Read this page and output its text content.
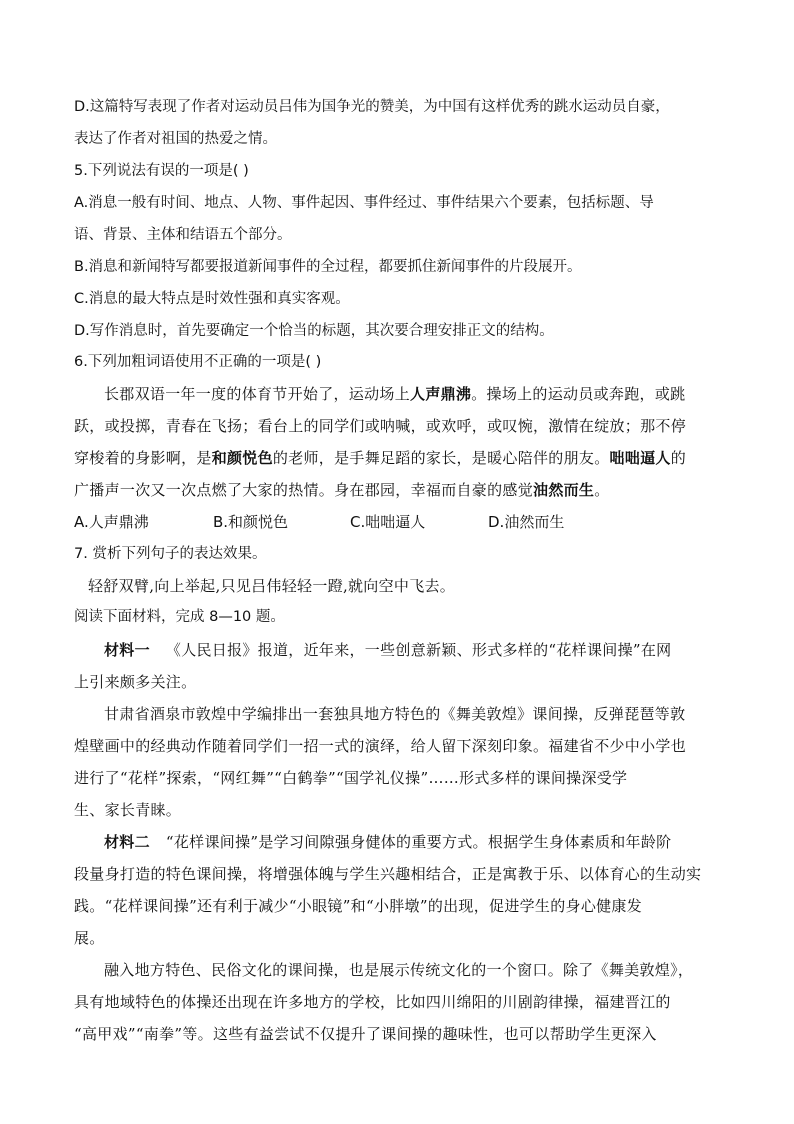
D.这篇特写表现了作者对运动员吕伟为国争光的赞美，为中国有这样优秀的跳水运动员自豪，
表达了作者对祖国的热爱之情。
5.下列说法有误的一项是( )
A.消息一般有时间、地点、人物、事件起因、事件经过、事件结果六个要素，包括标题、导
语、背景、主体和结语五个部分。
B.消息和新闻特写都要报道新闻事件的全过程，都要抓住新闻事件的片段展开。
C.消息的最大特点是时效性强和真实客观。
D.写作消息时，首先要确定一个恰当的标题，其次要合理安排正文的结构。
6.下列加粗词语使用不正确的一项是( )
长郡双语一年一度的体育节开始了，运动场上人声鼎沸。操场上的运动员或奔跑，或跳
跃，或投掷，青春在飞扬；看台上的同学们或呐喊，或欢呼，或叹惋，激情在绽放；那不停
穿梭着的身影啊，是和颜悦色的老师，是手舞足蹈的家长，是暖心陪伴的朋友。咄咄逼人的
广播声一次又一次点燃了大家的热情。身在郡园，幸福而自豪的感觉油然而生。
A.人声鼎沸	B.和颜悦色	C.咄咄逼人	D.油然而生
7. 赏析下列句子的表达效果。
轻舒双臂,向上举起,只见吕伟轻轻一蹬,就向空中飞去。
阅读下面材料，完成 8—10 题。
材料一 《人民日报》报道，近年来，一些创意新颖、形式多样的“花样课间操”在网
上引来颇多关注。
甘肃省酒泉市敦煌中学编排出一套独具地方特色的《舞美敦煌》课间操，反弹琵琶等敦
煌壁画中的经典动作随着同学们一招一式的演绎，给人留下深刻印象。福建省不少中小学也
进行了“花样”探索，“网红舞”“白鹤拳”“国学礼仪操”……形式多样的课间操深受学
生、家长青睐。
材料二 “花样课间操”是学习间隙强身健体的重要方式。根据学生身体素质和年龄阶
段量身打造的特色课间操，将增强体魄与学生兴趣相结合，正是寓教于乐、以体育心的生动实
践。“花样课间操”还有利于减少“小眼镜”和“小胖墩”的出现，促进学生的身心健康发
展。
融入地方特色、民俗文化的课间操，也是展示传统文化的一个窗口。除了《舞美敦煌》，
具有地域特色的体操还出现在许多地方的学校，比如四川绵阳的川剧韵律操，福建晋江的
“高甲戏”“南拳”等。这些有益尝试不仅提升了课间操的趣味性，也可以帮助学生更深入
